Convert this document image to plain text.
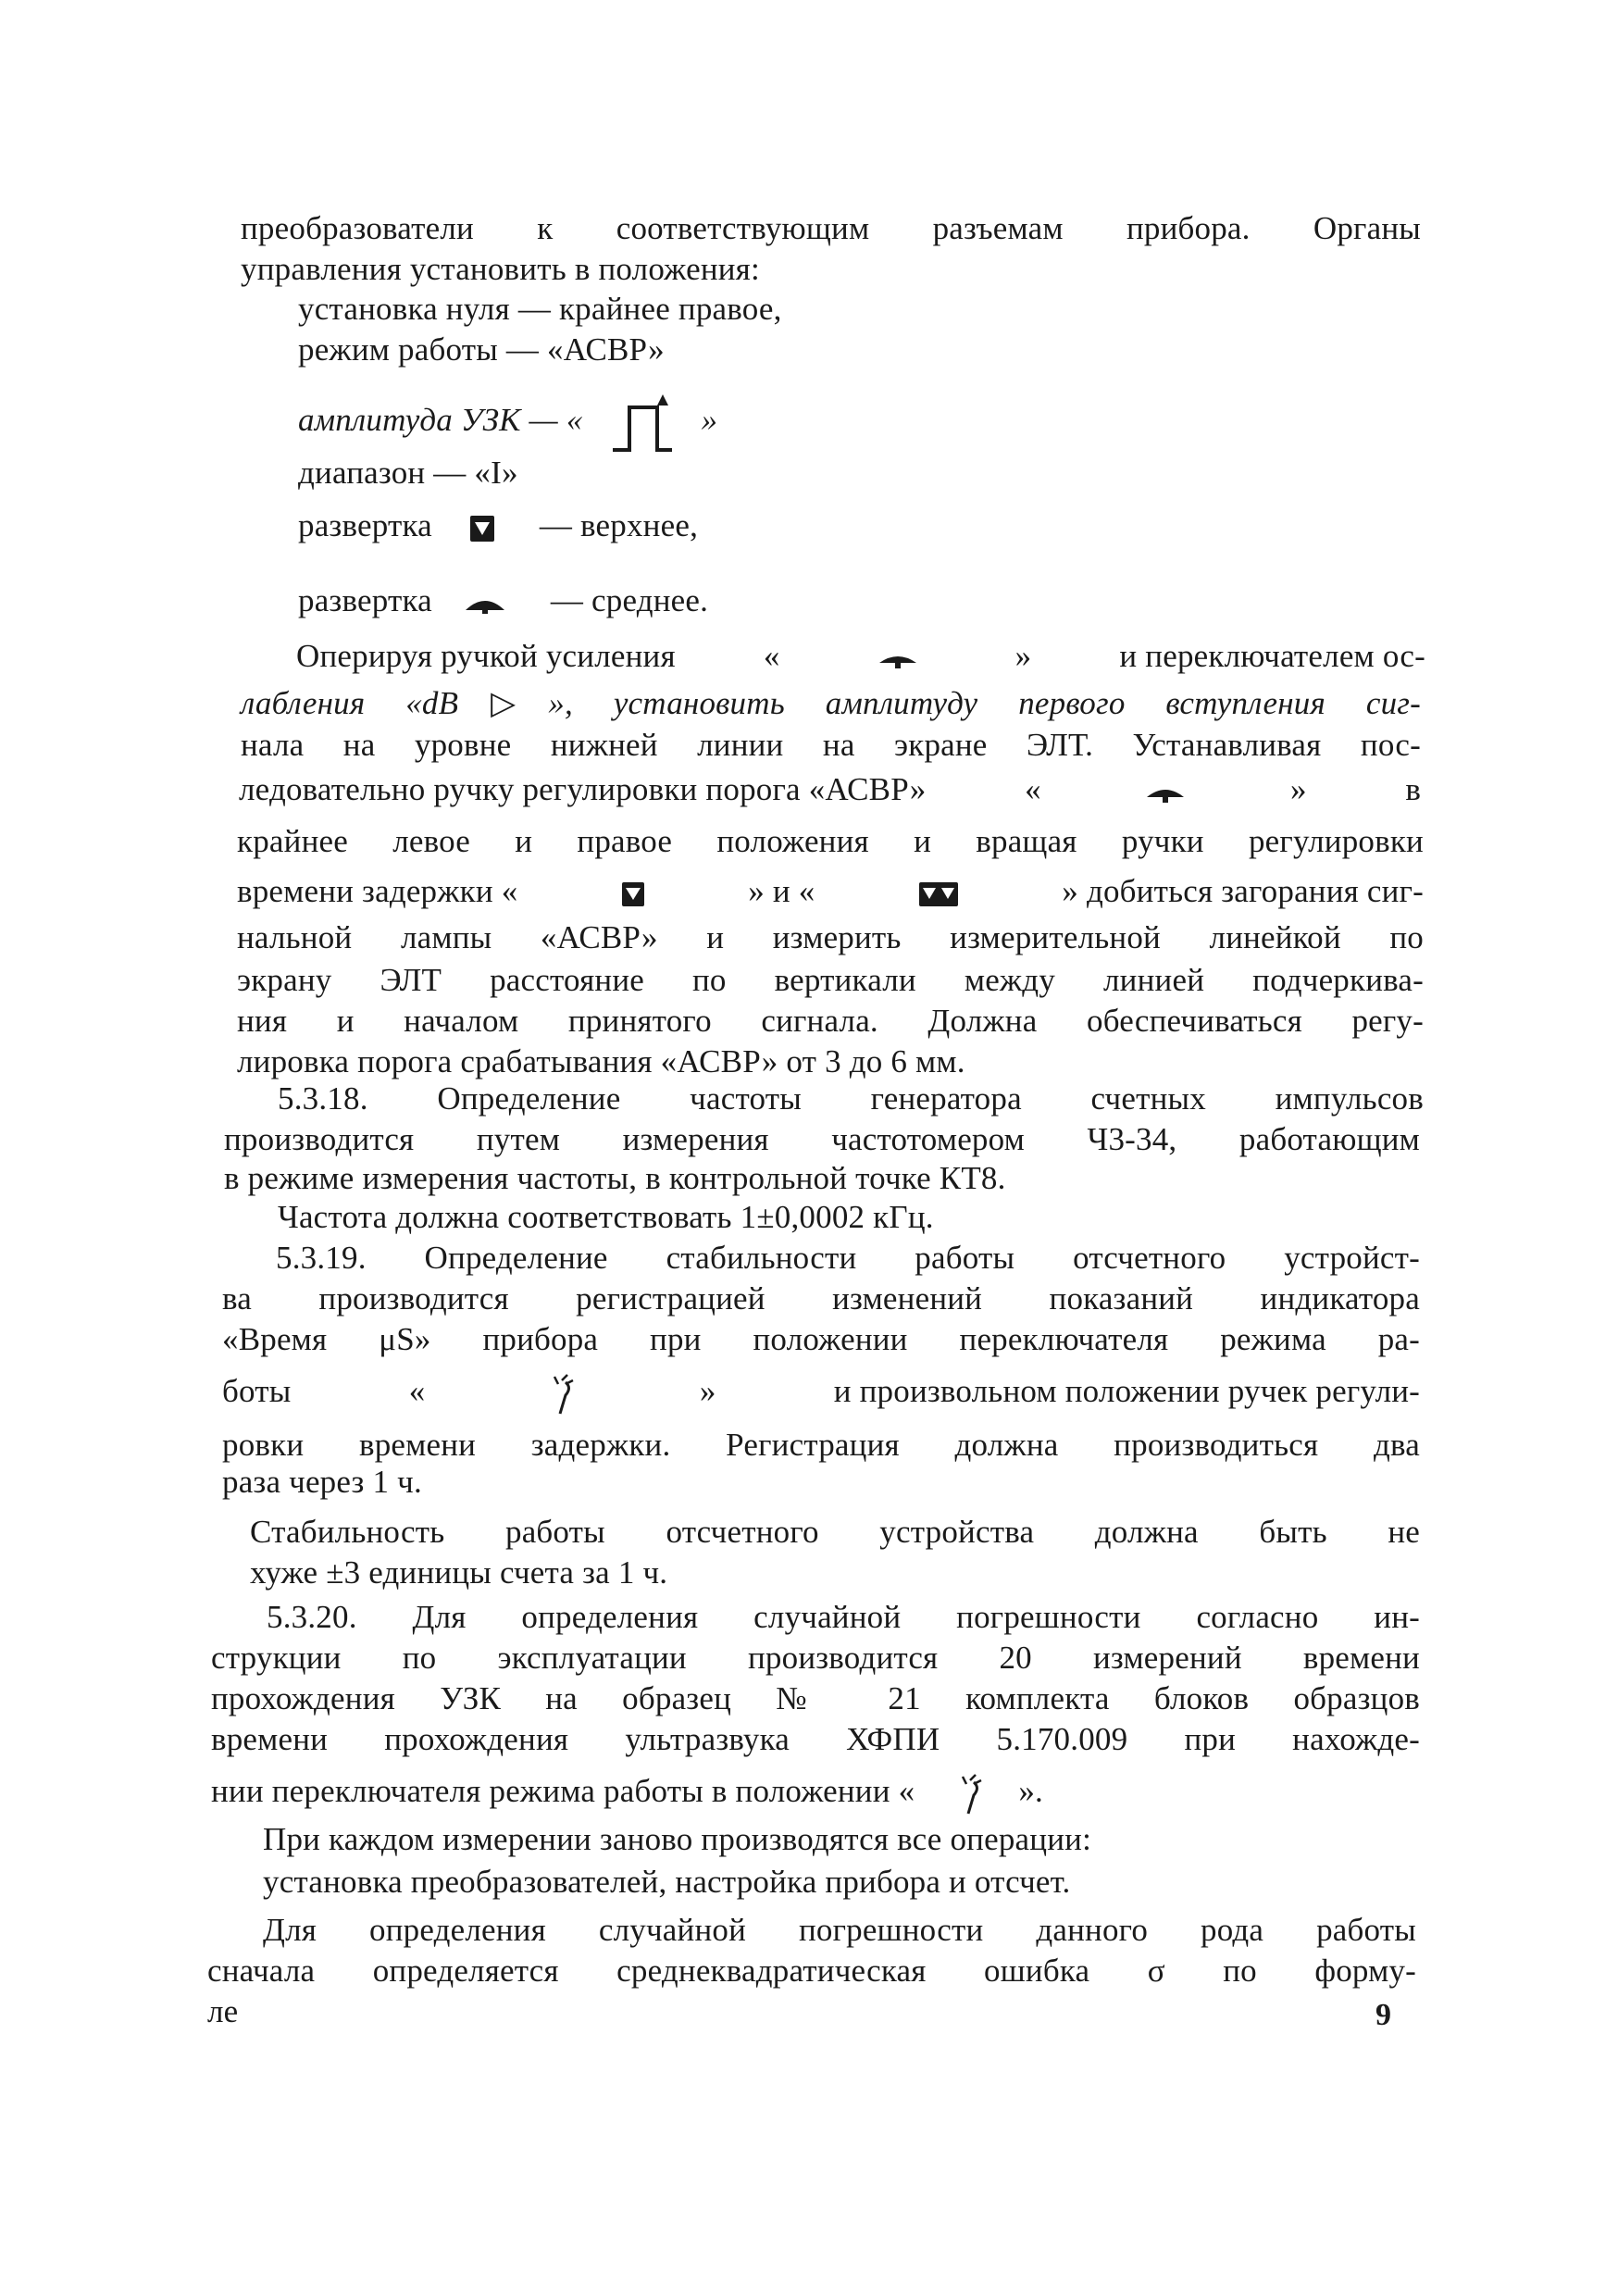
преобразователи к соответствующим разъемам прибора. Органы
управления установить в положения:
установка нуля — крайнее правое,
режим работы — «АСВР»
амплитуда УЗК — «	»
диапазон — «I»
развертка	— верхнее,
развертка	— среднее.
Оперируя ручкой усиления	«	»	и переключателем ос-
лабления «dB▷», установить амплитуду первого вступления сиг-
нала на уровне нижней линии на экране ЭЛТ. Устанавливая пос-
ледовательно ручку регулировки порога «АСВР»	«	»	в
крайнее левое и правое положения и вращая ручки регулировки
времени задержки «	» и «	» добиться загорания сиг-
нальной лампы «АСВР» и измерить измерительной линейкой по
экрану ЭЛТ расстояние по вертикали между линией подчеркива-
ния и началом принятого сигнала. Должна обеспечиваться регу-
лировка порога срабатывания «АСВР» от 3 до 6 мм.
5.3.18. Определение частоты генератора счетных импульсов
производится путем измерения частотомером Ч3-34, работающим
в режиме измерения частоты, в контрольной точке КТ8.
Частота должна соответствовать 1±0,0002 кГц.
5.3.19. Определение стабильности работы отсчетного устройст-
ва производится регистрацией изменений показаний индикатора
«Время μS» прибора при положении переключателя режима ра-
боты	«	»	и произвольном положении ручек регули-
ровки времени задержки. Регистрация должна производиться два
раза через 1 ч.
Стабильность работы отсчетного устройства должна быть не
хуже ±3 единицы счета за 1 ч.
5.3.20. Для определения случайной погрешности согласно ин-
струкции по эксплуатации производится 20 измерений времени
прохождения УЗК на образец № 21 комплекта блоков образцов
времени прохождения ультразвука ХФПИ 5.170.009 при нахожде-
нии переключателя режима работы в положении «	».
При каждом измерении заново производятся все операции:
установка преобразователей, настройка прибора и отсчет.
Для определения случайной погрешности данного рода работы
сначала определяется среднеквадратическая ошибка σ по форму-
ле	9
